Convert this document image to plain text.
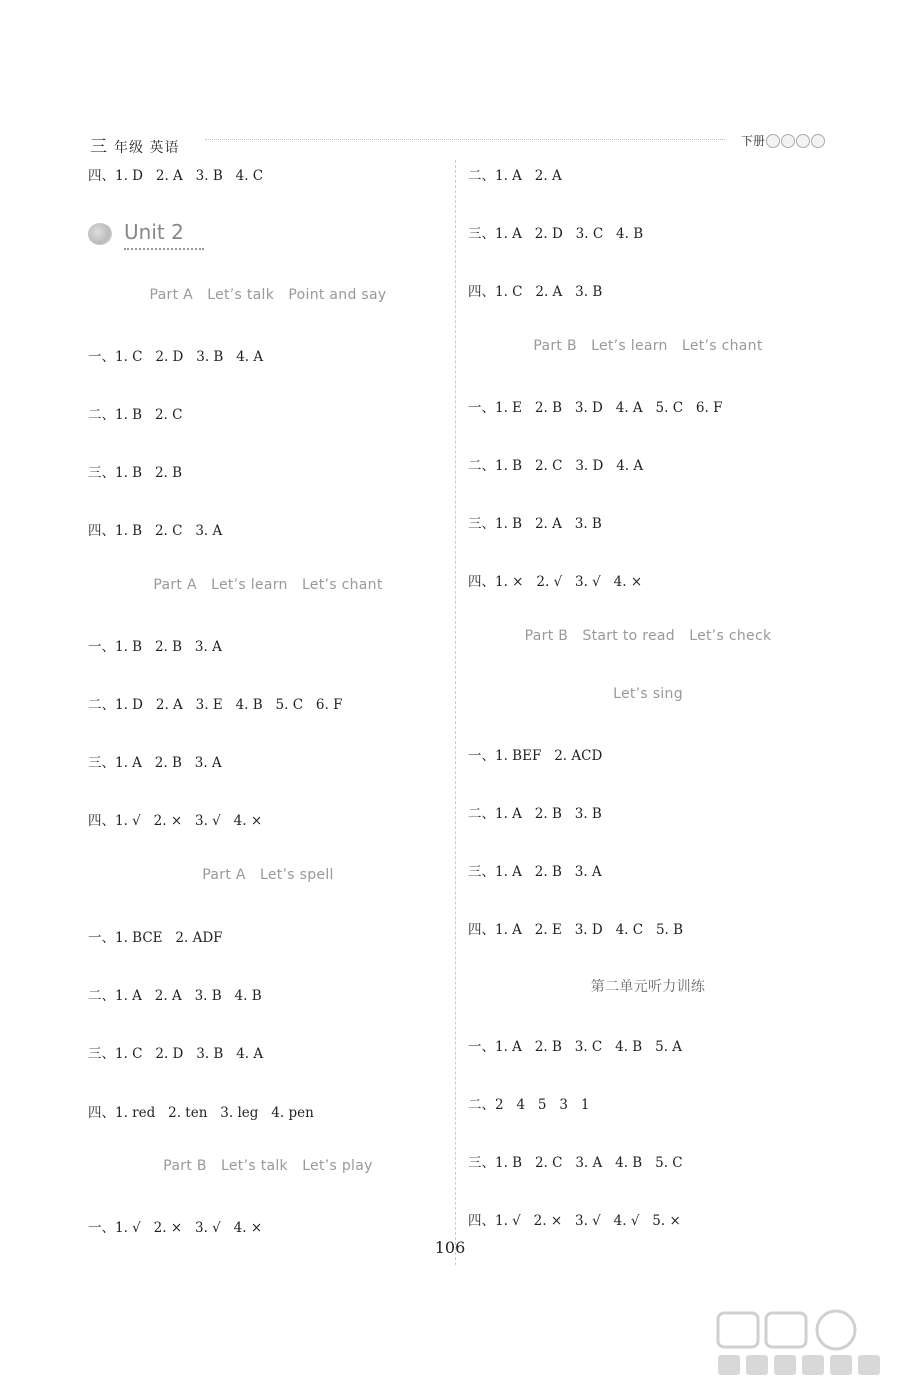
三 年级 英语	下册
Unit 2
四、1. D   2. A   3. B   4. C
Part A   Let’s talk   Point and say
一、1. C   2. D   3. B   4. A
二、1. B   2. C
三、1. B   2. B
四、1. B   2. C   3. A
Part A   Let’s learn   Let’s chant
一、1. B   2. B   3. A
二、1. D   2. A   3. E   4. B   5. C   6. F
三、1. A   2. B   3. A
四、1. √   2. ×   3. √   4. ×
Part A   Let’s spell
一、1. BCE   2. ADF
二、1. A   2. A   3. B   4. B
三、1. C   2. D   3. B   4. A
四、1. red   2. ten   3. leg   4. pen
Part B   Let’s talk   Let’s play
一、1. √   2. ×   3. √   4. ×
二、1. A   2. A
三、1. A   2. D   3. C   4. B
四、1. C   2. A   3. B
Part B   Let’s learn   Let’s chant
一、1. E   2. B   3. D   4. A   5. C   6. F
二、1. B   2. C   3. D   4. A
三、1. B   2. A   3. B
四、1. ×   2. √   3. √   4. ×
Part B   Start to read   Let’s check
Let’s sing
一、1. BEF   2. ACD
二、1. A   2. B   3. B
三、1. A   2. B   3. A
四、1. A   2. E   3. D   4. C   5. B
第二单元听力训练
一、1. A   2. B   3. C   4. B   5. A
二、2   4   5   3   1
三、1. B   2. C   3. A   4. B   5. C
四、1. √   2. ×   3. √   4. √   5. ×
106
